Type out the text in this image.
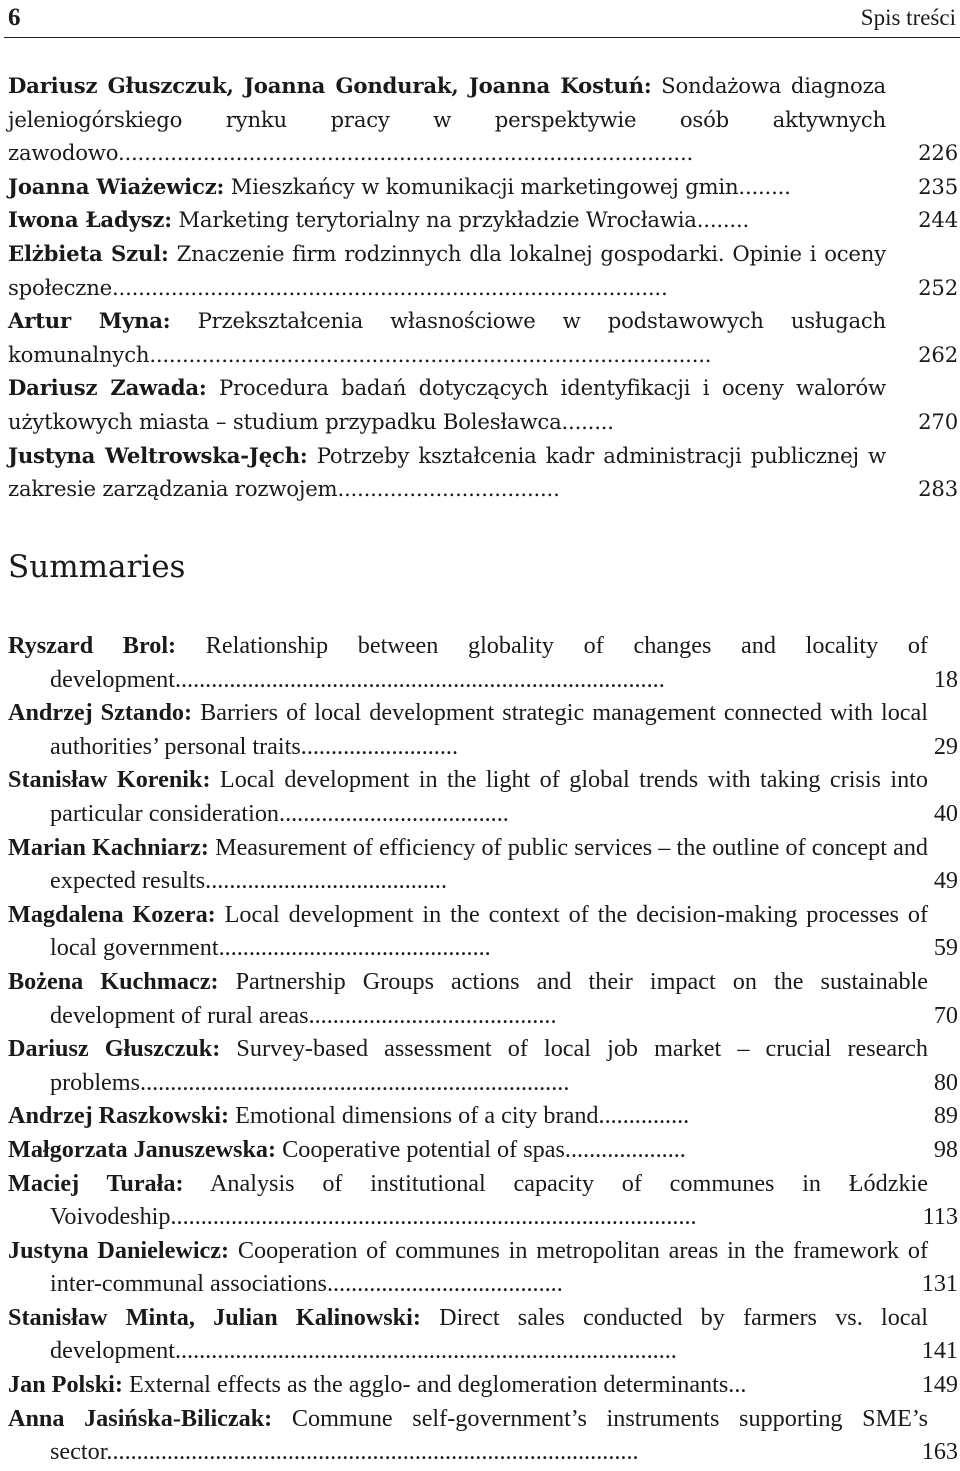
6	Spis treści
Dariusz Głuszczuk, Joanna Gondurak, Joanna Kostuń: Sondażowa diagnoza jeleniogórskiego rynku pracy w perspektywie osób aktywnych zawodowo........................................................................................	226
Joanna Wiażewicz: Mieszkańcy w komunikacji marketingowej gmin........	235
Iwona Ładysz: Marketing terytorialny na przykładzie Wrocławia........	244
Elżbieta Szul: Znaczenie firm rodzinnych dla lokalnej gospodarki. Opinie i oceny społeczne.....................................................................................	252
Artur Myna: Przekształcenia własnościowe w podstawowych usługach komunalnych......................................................................................	262
Dariusz Zawada: Procedura badań dotyczących identyfikacji i oceny walorów użytkowych miasta – studium przypadku Bolesławca........	270
Justyna Weltrowska-Jęch: Potrzeby kształcenia kadr administracji publicznej w zakresie zarządzania rozwojem..................................	283
Summaries
Ryszard Brol: Relationship between globality of changes and locality of development.................................................................................	18
Andrzej Sztando: Barriers of local development strategic management connected with local authorities’ personal traits..........................	29
Stanisław Korenik: Local development in the light of global trends with taking crisis into particular consideration......................................	40
Marian Kachniarz: Measurement of efficiency of public services – the outline of concept and expected results........................................	49
Magdalena Kozera: Local development in the context of the decision-making processes of local government.............................................	59
Bożena Kuchmacz: Partnership Groups actions and their impact on the sustainable development of rural areas.........................................	70
Dariusz Głuszczuk: Survey-based assessment of local job market – crucial research problems.......................................................................	80
Andrzej Raszkowski: Emotional dimensions of a city brand...............	89
Małgorzata Januszewska: Cooperative potential of spas....................	98
Maciej Turała: Analysis of institutional capacity of communes in Łódzkie Voivodeship.......................................................................................	113
Justyna Danielewicz: Cooperation of communes in metropolitan areas in the framework of inter-communal associations.......................................	131
Stanisław Minta, Julian Kalinowski: Direct sales conducted by farmers vs. local development...................................................................................	141
Jan Polski: External effects as the agglo- and deglomeration determinants...	149
Anna Jasińska-Biliczak: Commune self-government’s instruments supporting SME’s sector........................................................................................	163
